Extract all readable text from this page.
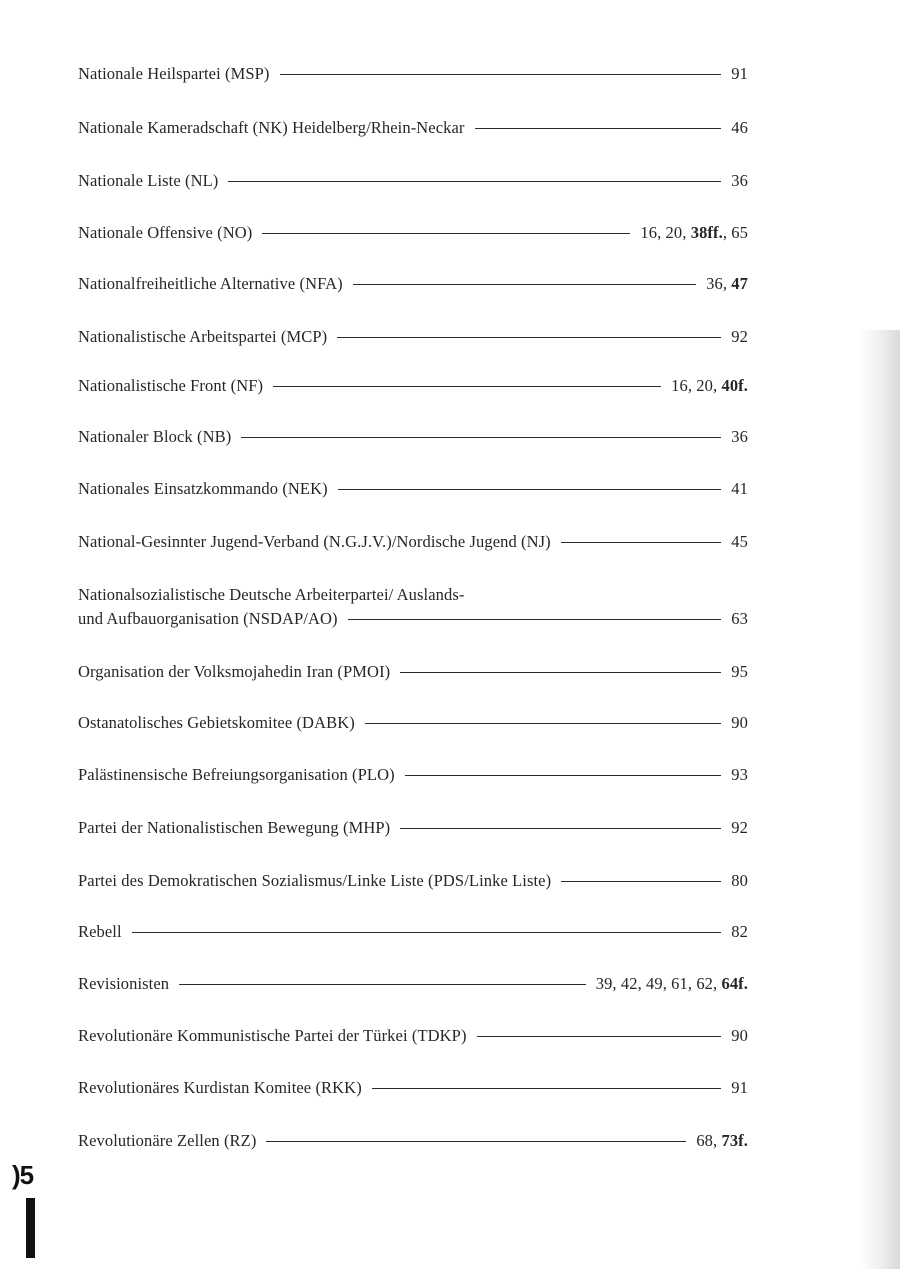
Nationale Heilspartei (MSP)	91
Nationale Kameradschaft (NK) Heidelberg/Rhein-Neckar	46
Nationale Liste (NL)	36
Nationale Offensive (NO)	16, 20, 38ff., 65
Nationalfreiheitliche Alternative (NFA)	36, 47
Nationalistische Arbeitspartei (MCP)	92
Nationalistische Front (NF)	16, 20, 40f.
Nationaler Block (NB)	36
Nationales Einsatzkommando (NEK)	41
National-Gesinnter Jugend-Verband (N.G.J.V.)/Nordische Jugend (NJ)	45
Nationalsozialistische Deutsche Arbeiterpartei/ Auslands-
und Aufbauorganisation (NSDAP/AO)	63
Organisation der Volksmojahedin Iran (PMOI)	95
Ostanatolisches Gebietskomitee (DABK)	90
Palästinensische Befreiungsorganisation (PLO)	93
Partei der Nationalistischen Bewegung (MHP)	92
Partei des Demokratischen Sozialismus/Linke Liste (PDS/Linke Liste)	80
Rebell	82
Revisionisten	39, 42, 49, 61, 62, 64f.
Revolutionäre Kommunistische Partei der Türkei (TDKP)	90
Revolutionäres Kurdistan Komitee (RKK)	91
Revolutionäre Zellen (RZ)	68, 73f.
)5
